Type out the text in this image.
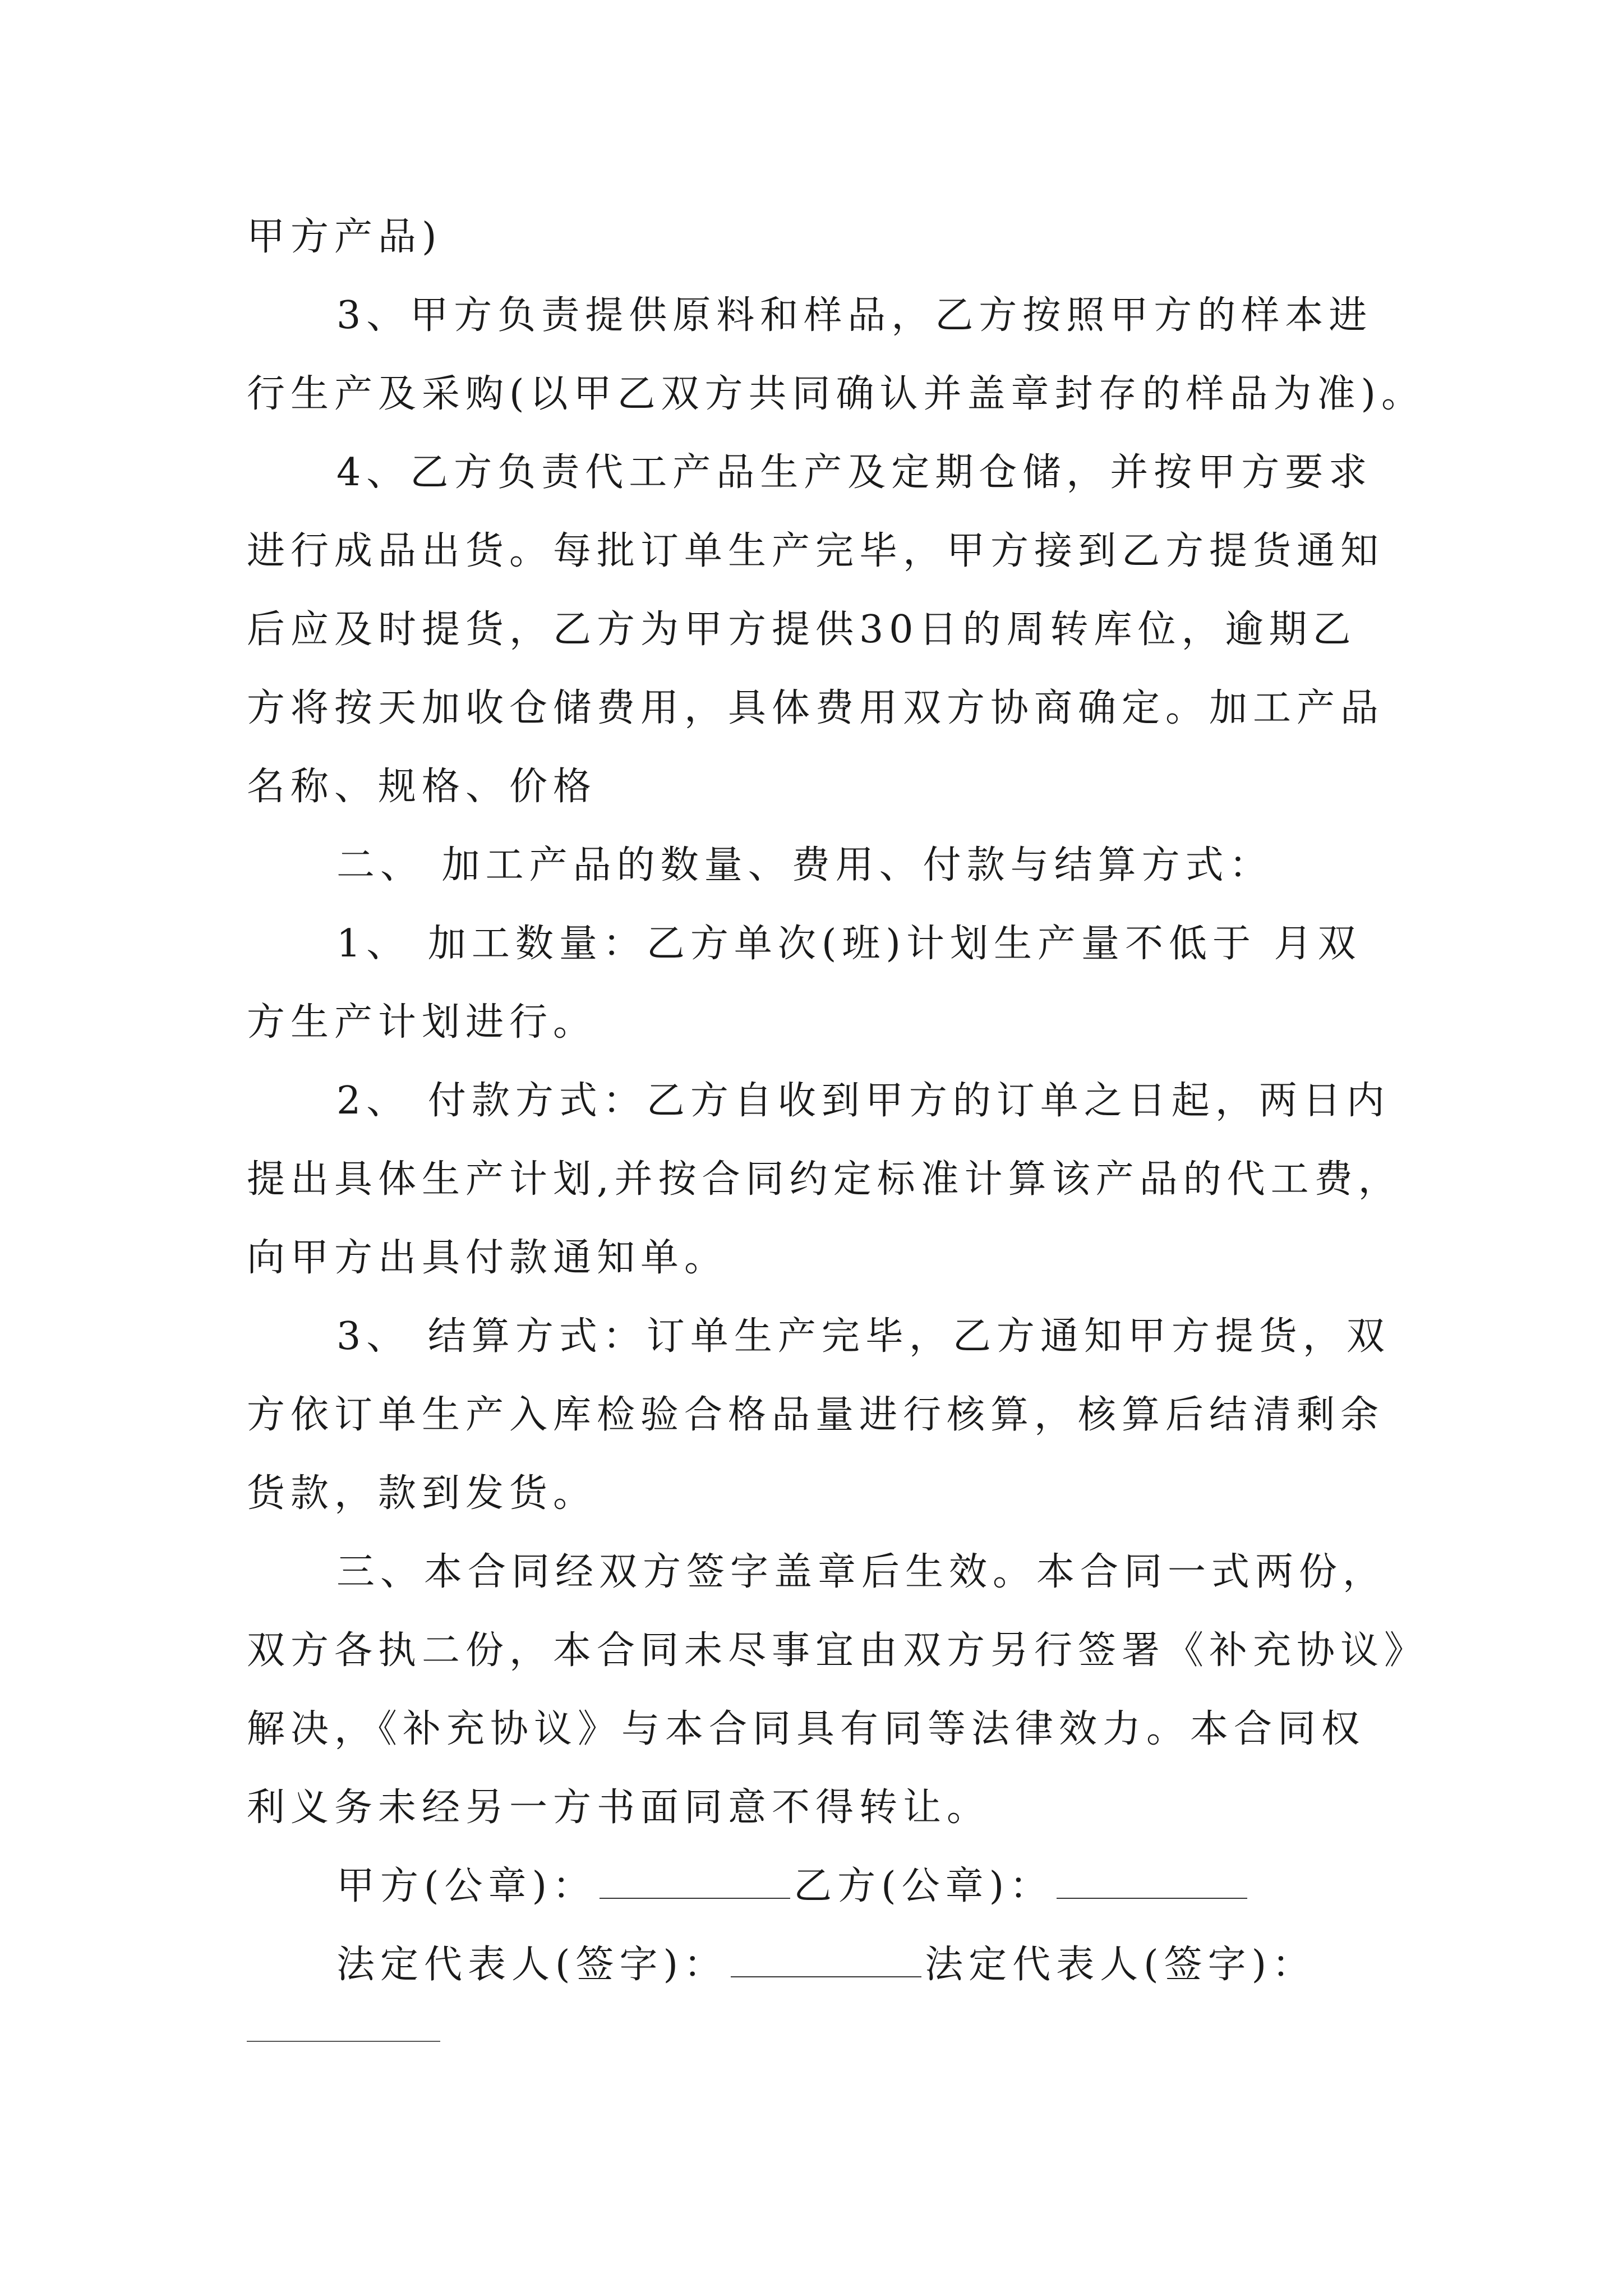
甲方产品)
3、甲方负责提供原料和样品，乙方按照甲方的样本进
行生产及采购(以甲乙双方共同确认并盖章封存的样品为准)。
4、乙方负责代工产品生产及定期仓储，并按甲方要求
进行成品出货。每批订单生产完毕，甲方接到乙方提货通知
后应及时提货，乙方为甲方提供30日的周转库位，逾期乙
方将按天加收仓储费用，具体费用双方协商确定。加工产品
名称、规格、价格
二、 加工产品的数量、费用、付款与结算方式：
1、 加工数量：乙方单次(班)计划生产量不低于 月双
方生产计划进行。
2、 付款方式：乙方自收到甲方的订单之日起，两日内
提出具体生产计划,并按合同约定标准计算该产品的代工费，
向甲方出具付款通知单。
3、 结算方式：订单生产完毕，乙方通知甲方提货，双
方依订单生产入库检验合格品量进行核算，核算后结清剩余
货款，款到发货。
三、本合同经双方签字盖章后生效。本合同一式两份，
双方各执二份，本合同未尽事宜由双方另行签署《补充协议》
解决，《补充协议》与本合同具有同等法律效力。本合同权
利义务未经另一方书面同意不得转让。
甲方(公章)：	乙方(公章)：
法定代表人(签字)：	法定代表人(签字)：
